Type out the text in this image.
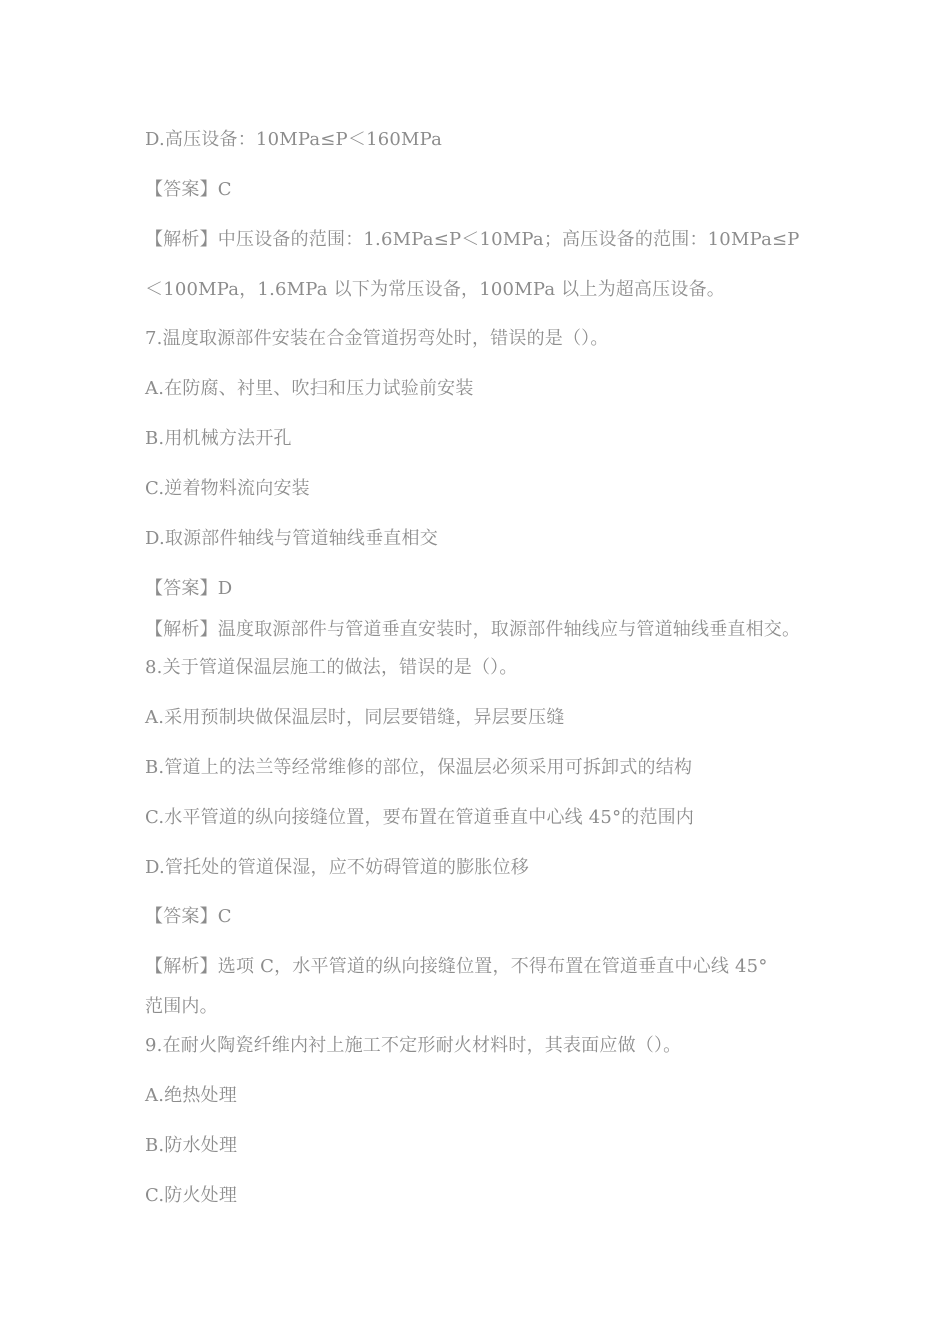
D.高压设备：10MPa≤P＜160MPa
【答案】C
【解析】中压设备的范围：1.6MPa≤P＜10MPa；高压设备的范围：10MPa≤P
＜100MPa，1.6MPa 以下为常压设备，100MPa 以上为超高压设备。
7.温度取源部件安装在合金管道拐弯处时，错误的是（）。
A.在防腐、衬里、吹扫和压力试验前安装
B.用机械方法开孔
C.逆着物料流向安装
D.取源部件轴线与管道轴线垂直相交
【答案】D
【解析】温度取源部件与管道垂直安装时，取源部件轴线应与管道轴线垂直相交。
8.关于管道保温层施工的做法，错误的是（）。
A.采用预制块做保温层时，同层要错缝，异层要压缝
B.管道上的法兰等经常维修的部位，保温层必须采用可拆卸式的结构
C.水平管道的纵向接缝位置，要布置在管道垂直中心线 45°的范围内
D.管托处的管道保湿，应不妨碍管道的膨胀位移
【答案】C
【解析】选项 C，水平管道的纵向接缝位置，不得布置在管道垂直中心线 45°
范围内。
9.在耐火陶瓷纤维内衬上施工不定形耐火材料时，其表面应做（）。
A.绝热处理
B.防水处理
C.防火处理
